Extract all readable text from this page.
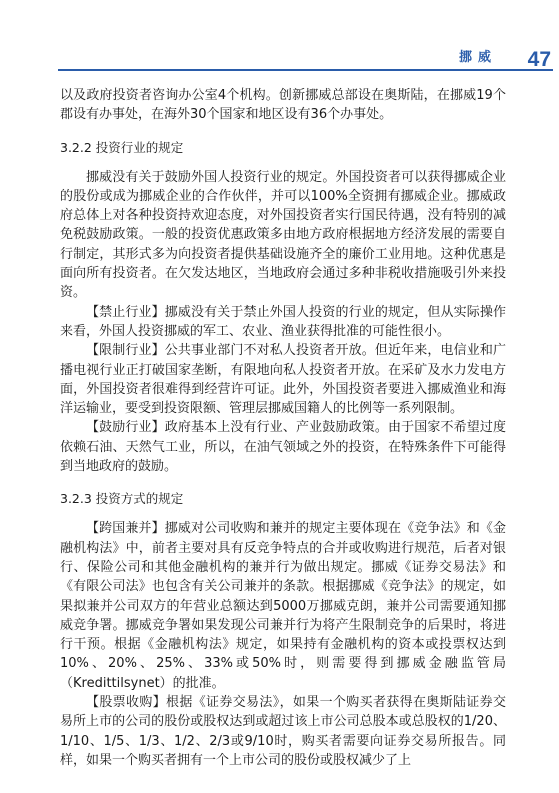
挪威 47

以及政府投资者咨询办公室4个机构。创新挪威总部设在奥斯陆，在挪威19个郡设有办事处，在海外30个国家和地区设有36个办事处。

3.2.2 投资行业的规定

挪威没有关于鼓励外国人投资行业的规定。外国投资者可以获得挪威企业的股份或成为挪威企业的合作伙伴，并可以100%全资拥有挪威企业。挪威政府总体上对各种投资持欢迎态度，对外国投资者实行国民待遇，没有特别的减免税鼓励政策。一般的投资优惠政策多由地方政府根据地方经济发展的需要自行制定，其形式多为向投资者提供基础设施齐全的廉价工业用地。这种优惠是面向所有投资者。在欠发达地区，当地政府会通过多种非税收措施吸引外来投资。

【禁止行业】挪威没有关于禁止外国人投资的行业的规定，但从实际操作来看，外国人投资挪威的军工、农业、渔业获得批准的可能性很小。

【限制行业】公共事业部门不对私人投资者开放。但近年来，电信业和广播电视行业正打破国家垄断，有限地向私人投资者开放。在采矿及水力发电方面，外国投资者很难得到经营许可证。此外，外国投资者要进入挪威渔业和海洋运输业，要受到投资限额、管理层挪威国籍人的比例等一系列限制。

【鼓励行业】政府基本上没有行业、产业鼓励政策。由于国家不希望过度依赖石油、天然气工业，所以，在油气领域之外的投资，在特殊条件下可能得到当地政府的鼓励。

3.2.3 投资方式的规定

【跨国兼并】挪威对公司收购和兼并的规定主要体现在《竞争法》和《金融机构法》中，前者主要对具有反竞争特点的合并或收购进行规范，后者对银行、保险公司和其他金融机构的兼并行为做出规定。挪威《证券交易法》和《有限公司法》也包含有关公司兼并的条款。根据挪威《竞争法》的规定，如果拟兼并公司双方的年营业总额达到5000万挪威克朗，兼并公司需要通知挪威竞争署。挪威竞争署如果发现公司兼并行为将产生限制竞争的后果时，将进行干预。根据《金融机构法》规定，如果持有金融机构的资本或投票权达到10%、20%、25%、33%或50%时，则需要得到挪威金融监管局（Kredittilsynet）的批准。

【股票收购】根据《证券交易法》，如果一个购买者获得在奥斯陆证券交易所上市的公司的股份或股权达到或超过该上市公司总股本或总股权的1/20、1/10、1/5、1/3、1/2、2/3或9/10时，购买者需要向证券交易所报告。同样，如果一个购买者拥有一个上市公司的股份或股权减少了上
